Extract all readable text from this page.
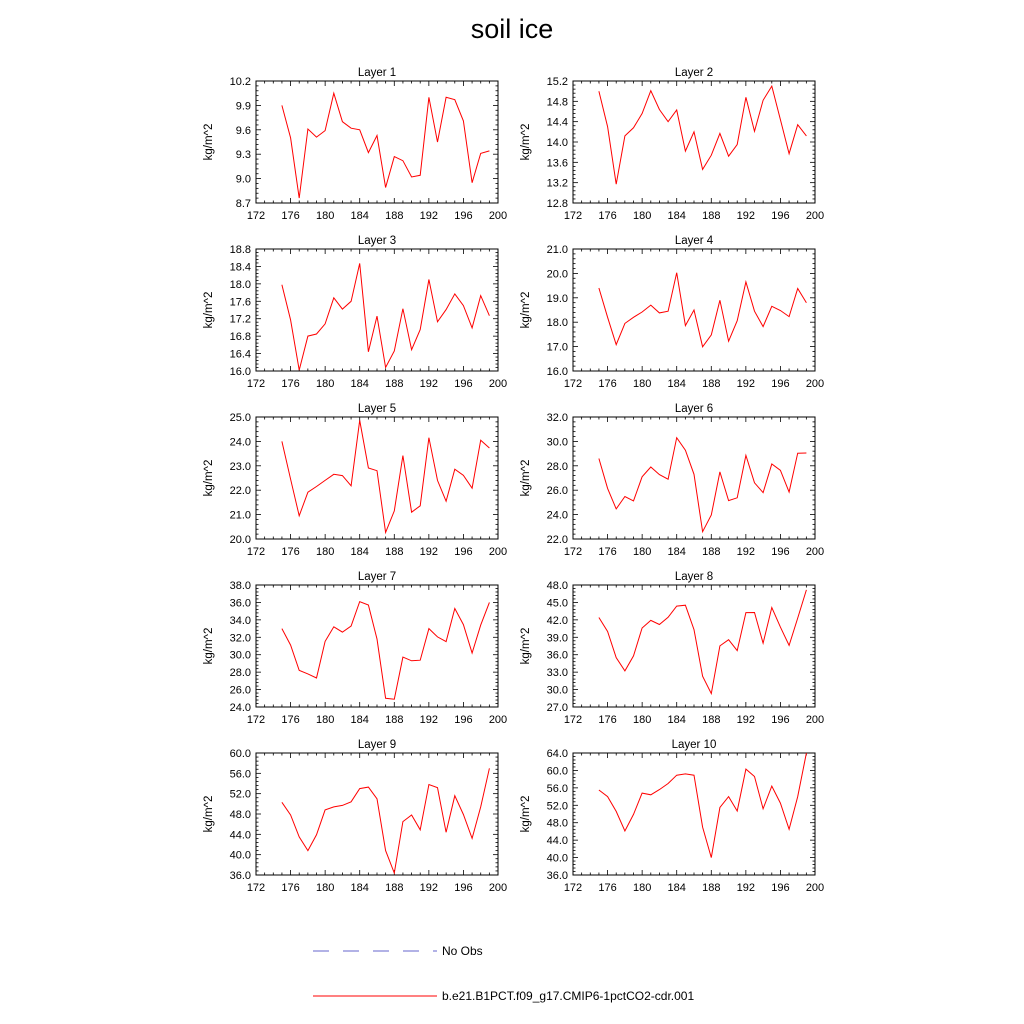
soil ice
172 176 180 184 188 192 196 200
8.7
9.0
9.3
9.6
9.9
10.2
Layer 1
kg/m^2
172 176 180 184 188 192 196 200
12.8
13.2
13.6
14.0
14.4
14.8
15.2
Layer 2
kg/m^2
172 176 180 184 188 192 196 200
16.0
16.4
16.8
17.2
17.6
18.0
18.4
18.8
Layer 3
kg/m^2
172 176 180 184 188 192 196 200
16.0
17.0
18.0
19.0
20.0
21.0
Layer 4
kg/m^2
172 176 180 184 188 192 196 200
20.0
21.0
22.0
23.0
24.0
25.0
Layer 5
kg/m^2
172 176 180 184 188 192 196 200
22.0
24.0
26.0
28.0
30.0
32.0
Layer 6
kg/m^2
172 176 180 184 188 192 196 200
24.0
26.0
28.0
30.0
32.0
34.0
36.0
38.0
Layer 7
kg/m^2
172 176 180 184 188 192 196 200
27.0
30.0
33.0
36.0
39.0
42.0
45.0
48.0
Layer 8
kg/m^2
172 176 180 184 188 192 196 200
36.0
40.0
44.0
48.0
52.0
56.0
60.0
Layer 9
kg/m^2
172 176 180 184 188 192 196 200
36.0
40.0
44.0
48.0
52.0
56.0
60.0
64.0
Layer 10
kg/m^2
No Obs
b.e21.B1PCT.f09_g17.CMIP6-1pctCO2-cdr.001
